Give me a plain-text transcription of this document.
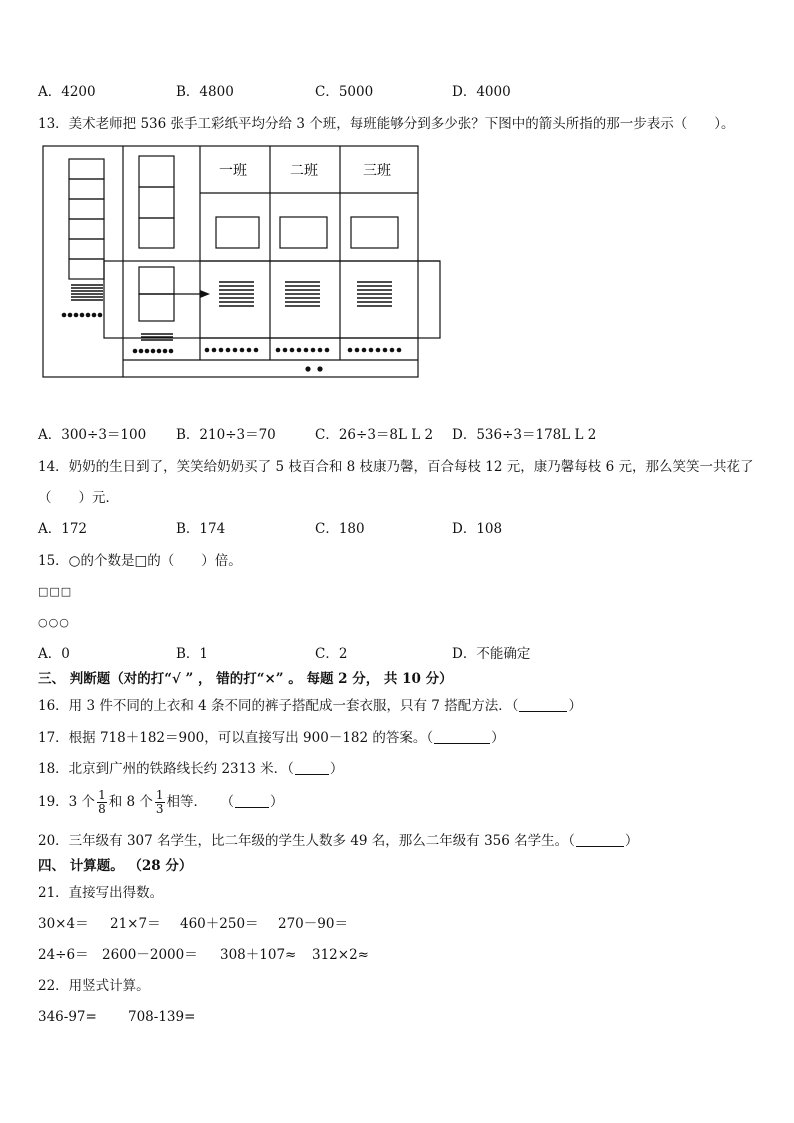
A．4200	B．4800	C．5000	D．4000
13．美术老师把 536 张手工彩纸平均分给 3 个班，每班能够分到多少张？下图中的箭头所指的那一步表示（　　）。
一班	二班	三班
A．300÷3＝100 B．210÷3＝70	C．26÷3＝8L L 2 D．536÷3＝178L L 2
14．奶奶的生日到了，笑笑给奶奶买了 5 枝百合和 8 枝康乃馨，百合每枝 12 元，康乃馨每枝 6 元，那么笑笑一共花了
（　　）元．
A．172	B．174	C．180	D．108
15．○的个数是□的（　　）倍。
□□□
○○○
A．0	B．1	C．2	D．不能确定
三、 判断题（对的打“√ ” ， 错的打“×” 。 每题 2 分， 共 10 分）
16．用 3 件不同的上衣和 4 条不同的裤子搭配成一套衣服，只有 7 搭配方法．（	）
17．根据 718＋182＝900，可以直接写出 900－182 的答案。（	）
18．北京到广州的铁路线长约 2313 米．（	）
19．3 个 $\frac{1}{8}$ 和 8 个 $\frac{1}{3}$ 相等．　　（	）
20．三年级有 307 名学生，比二年级的学生人数多 49 名，那么二年级有 356 名学生。（	）
四、 计算题。 （28 分）
21．直接写出得数。
30×4＝ 21×7＝ 460＋250＝ 270－90＝
24÷6＝ 2600－2000＝ 308＋107≈ 312×2≈
22．用竖式计算。
346-97= 708-139=
